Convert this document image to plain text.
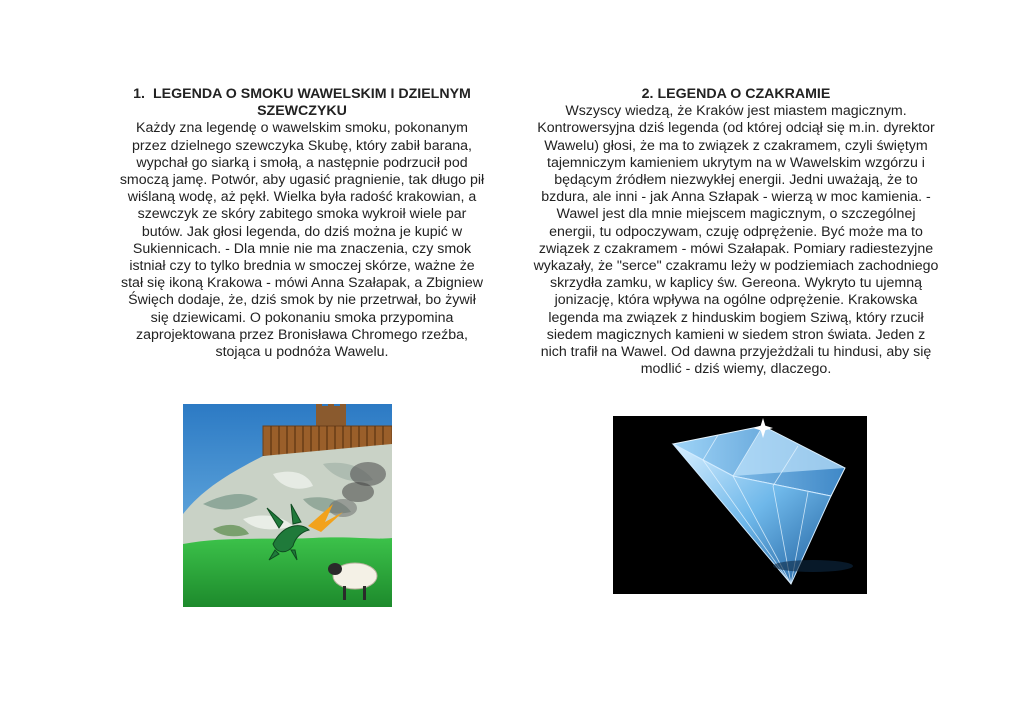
1. LEGENDA O SMOKU WAWELSKIM I DZIELNYM SZEWCZYKU

Każdy zna legendę o wawelskim smoku, pokonanym przez dzielnego szewczyka Skubę, który zabił barana, wypchał go siarką i smołą, a następnie podrzucił pod smoczą jamę. Potwór, aby ugasić pragnienie, tak długo pił wiślaną wodę, aż pękł. Wielka była radość krakowian, a szewczyk ze skóry zabitego smoka wykroił wiele par butów. Jak głosi legenda, do dziś można je kupić w Sukiennicach. - Dla mnie nie ma znaczenia, czy smok istniał czy to tylko brednia w smoczej skórze, ważne że stał się ikoną Krakowa - mówi Anna Szałapak, a Zbigniew Święch dodaje, że, dziś smok by nie przetrwał, bo żywił się dziewicami. O pokonaniu smoka przypomina zaprojektowana przez Bronisława Chromego rzeźba, stojąca u podnóża Wawelu.

2. LEGENDA O CZAKRAMIE

Wszyscy wiedzą, że Kraków jest miastem magicznym. Kontrowersyjna dziś legenda (od której odciął się m.in. dyrektor Wawelu) głosi, że ma to związek z czakramem, czyli świętym tajemniczym kamieniem ukrytym na w Wawelskim wzgórzu i będącym źródłem niezwykłej energii. Jedni uważają, że to bzdura, ale inni - jak Anna Szłapak - wierzą w moc kamienia. - Wawel jest dla mnie miejscem magicznym, o szczególnej energii, tu odpoczywam, czuję odprężenie. Być może ma to związek z czakramem - mówi Szałapak. Pomiary radiestezyjne wykazały, że "serce" czakramu leży w podziemiach zachodniego skrzydła zamku, w kaplicy św. Gereona. Wykryto tu ujemną jonizację, która wpływa na ogólne odprężenie. Krakowska legenda ma związek z hinduskim bogiem Sziwą, który rzucił siedem magicznych kamieni w siedem stron świata. Jeden z nich trafił na Wawel. Od dawna przyjeżdżali tu hindusi, aby się modlić - dziś wiemy, dlaczego.
